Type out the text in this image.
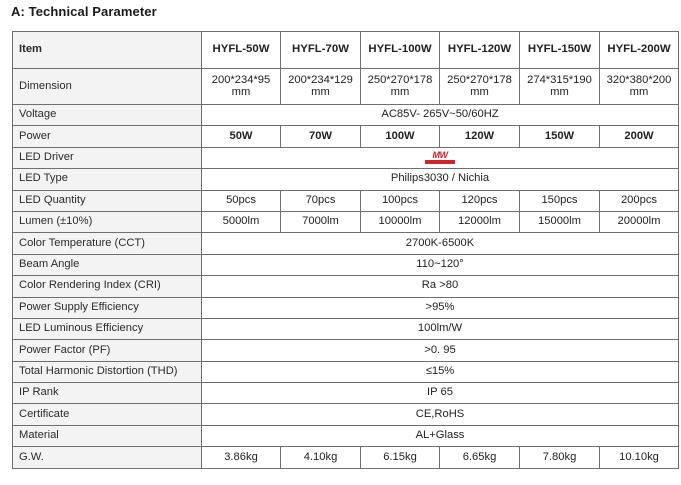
A: Technical Parameter
Item	HYFL-50W	HYFL-70W	HYFL-100W	HYFL-120W	HYFL-150W	HYFL-200W
Dimension	200*234*95 mm	200*234*129 mm	250*270*178 mm	250*270*178 mm	274*315*190 mm	320*380*200 mm
Voltage	AC85V- 265V~50/60HZ					
Power	50W	70W	100W	120W	150W	200W
LED Driver	MW					

LED Type	Philips3030 / Nichia					
LED Quantity	50pcs	70pcs	100pcs	120pcs	150pcs	200pcs
Lumen (±10%)	5000lm	7000lm	10000lm	12000lm	15000lm	20000lm
Color Temperature (CCT)	2700K-6500K					
Beam Angle	110~120°					
Color Rendering Index (CRI)	Ra >80					
Power Supply Efficiency	>95%					
LED Luminous Efficiency	100lm/W					
Power Factor (PF)	>0. 95					
Total Harmonic Distortion (THD)	≤15%					
IP Rank	IP 65					
Certificate	CE,RoHS					
Material	AL+Glass					
G.W.	3.86kg	4.10kg	6.15kg	6.65kg	7.80kg	10.10kg
